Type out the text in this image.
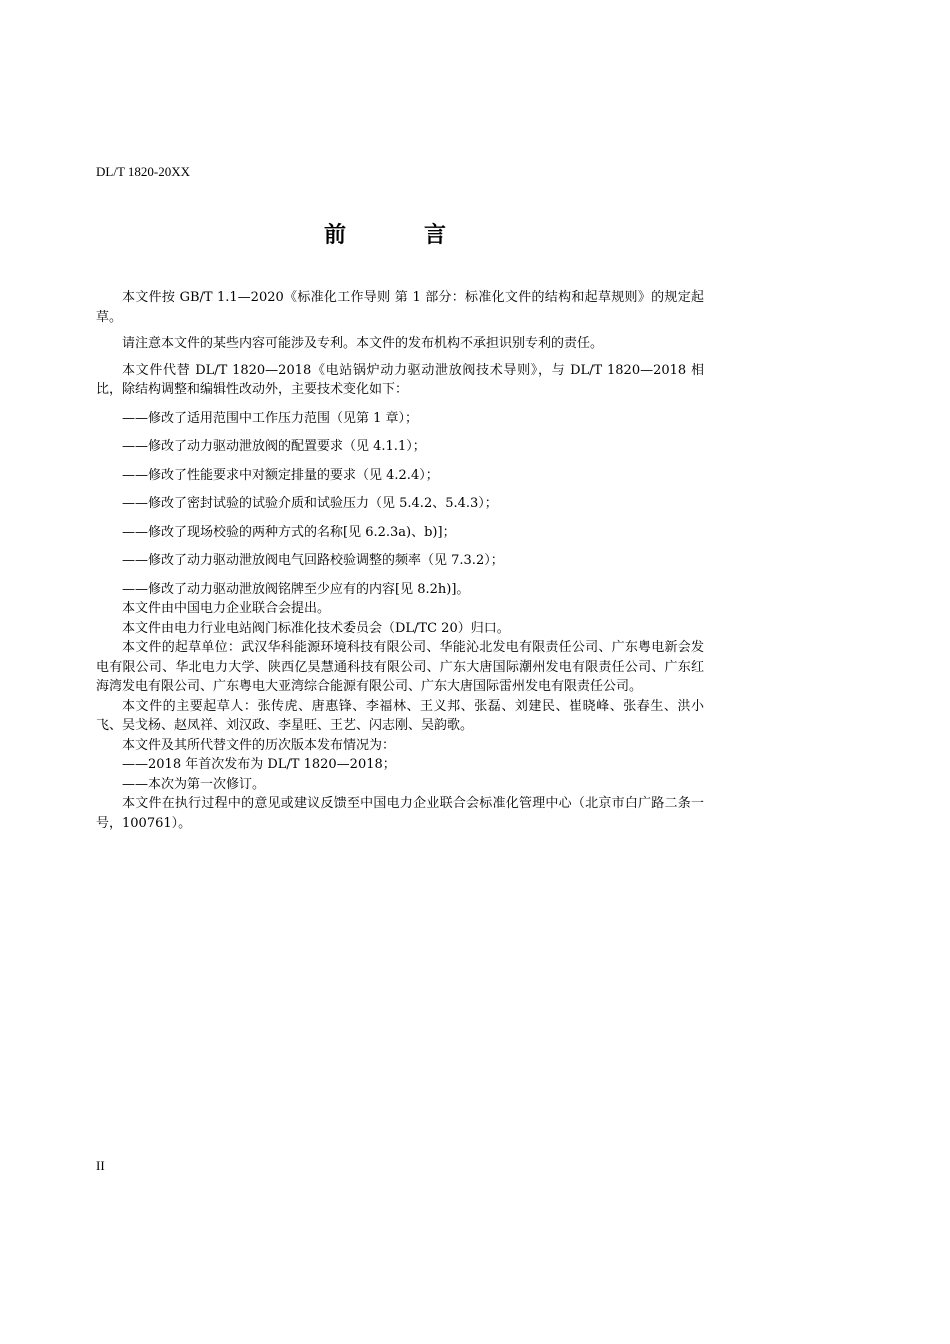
DL/T 1820-20XX
前　言

本文件按 GB/T 1.1—2020《标准化工作导则 第 1 部分：标准化文件的结构和起草规则》的规定起草。

请注意本文件的某些内容可能涉及专利。本文件的发布机构不承担识别专利的责任。

本文件代替 DL/T 1820—2018《电站锅炉动力驱动泄放阀技术导则》，与 DL/T 1820—2018 相比，除结构调整和编辑性改动外，主要技术变化如下：

——修改了适用范围中工作压力范围（见第 1 章）；

——修改了动力驱动泄放阀的配置要求（见 4.1.1）；

——修改了性能要求中对额定排量的要求（见 4.2.4）；

——修改了密封试验的试验介质和试验压力（见 5.4.2、5.4.3）；

——修改了现场校验的两种方式的名称[见 6.2.3a)、b)]；

——修改了动力驱动泄放阀电气回路校验调整的频率（见 7.3.2）；

——修改了动力驱动泄放阀铭牌至少应有的内容[见 8.2h)]。

本文件由中国电力企业联合会提出。

本文件由电力行业电站阀门标准化技术委员会（DL/TC 20）归口。

本文件的起草单位：武汉华科能源环境科技有限公司、华能沁北发电有限责任公司、广东粤电新会发电有限公司、华北电力大学、陕西亿昊慧通科技有限公司、广东大唐国际潮州发电有限责任公司、广东红海湾发电有限公司、广东粤电大亚湾综合能源有限公司、广东大唐国际雷州发电有限责任公司。

本文件的主要起草人：张传虎、唐惠锋、李福林、王义邦、张磊、刘建民、崔晓峰、张春生、洪小飞、吴戈杨、赵凤祥、刘汉政、李星旺、王艺、闪志刚、吴韵歌。

本文件及其所代替文件的历次版本发布情况为：

——2018 年首次发布为 DL/T 1820—2018；

——本次为第一次修订。

本文件在执行过程中的意见或建议反馈至中国电力企业联合会标准化管理中心（北京市白广路二条一号，100761）。

II
